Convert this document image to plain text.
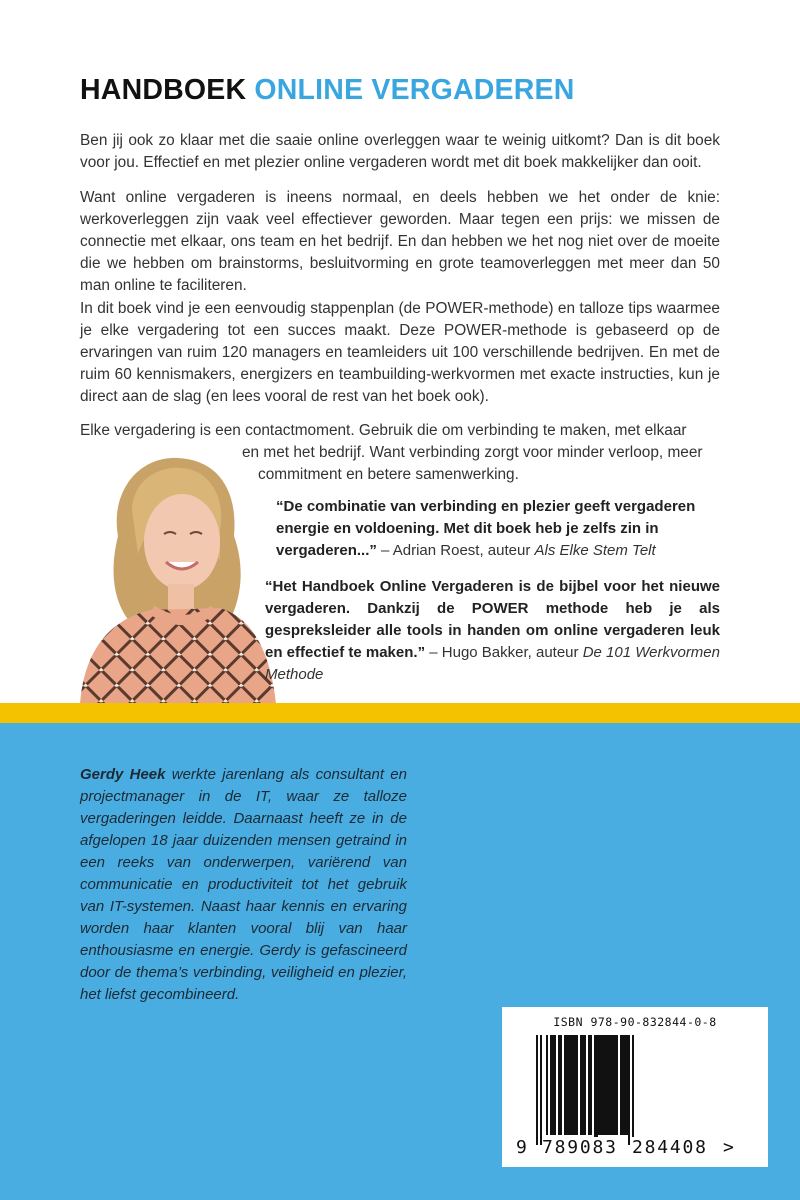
HANDBOEK ONLINE VERGADEREN

Ben jij ook zo klaar met die saaie online overleggen waar te weinig uitkomt? Dan is dit boek voor jou. Effectief en met plezier online vergaderen wordt met dit boek makkelijker dan ooit.

Want online vergaderen is ineens normaal, en deels hebben we het onder de knie: werkoverleggen zijn vaak veel effectiever geworden. Maar tegen een prijs: we missen de connectie met elkaar, ons team en het bedrijf. En dan hebben we het nog niet over de moeite die we hebben om brainstorms, besluitvorming en grote teamoverleggen met meer dan 50 man online te faciliteren.

In dit boek vind je een eenvoudig stappenplan (de POWER-methode) en talloze tips waarmee je elke vergadering tot een succes maakt. Deze POWER-methode is gebaseerd op de ervaringen van ruim 120 managers en teamleiders uit 100 verschillende bedrijven. En met de ruim 60 kennismakers, energizers en teambuilding-werkvormen met exacte instructies, kun je direct aan de slag (en lees vooral de rest van het boek ook).

Elke vergadering is een contactmoment. Gebruik die om verbinding te maken, met elkaar

en met het bedrijf. Want verbinding zorgt voor minder verloop, meer

commitment en betere samenwerking.

“De combinatie van verbinding en plezier geeft vergaderen energie en voldoening. Met dit boek heb je zelfs zin in vergaderen...” – Adrian Roest, auteur Als Elke Stem Telt

“Het Handboek Online Vergaderen is de bijbel voor het nieuwe vergaderen. Dankzij de POWER methode heb je als gespreksleider alle tools in handen om online vergaderen leuk en effectief te maken.” – Hugo Bakker, auteur De 101 Werkvormen Methode

Gerdy Heek werkte jarenlang als consultant en projectmanager in de IT, waar ze talloze vergaderingen leidde. Daarnaast heeft ze in de afgelopen 18 jaar duizenden mensen getraind in een reeks van onderwerpen, variërend van communicatie en productiviteit tot het gebruik van IT-systemen. Naast haar kennis en ervaring worden haar klanten vooral blij van haar enthousiasme en energie. Gerdy is gefascineerd door de thema’s verbinding, veiligheid en plezier, het liefst gecombineerd.

ISBN 978-90-832844-0-8
9 789083 284408 >
